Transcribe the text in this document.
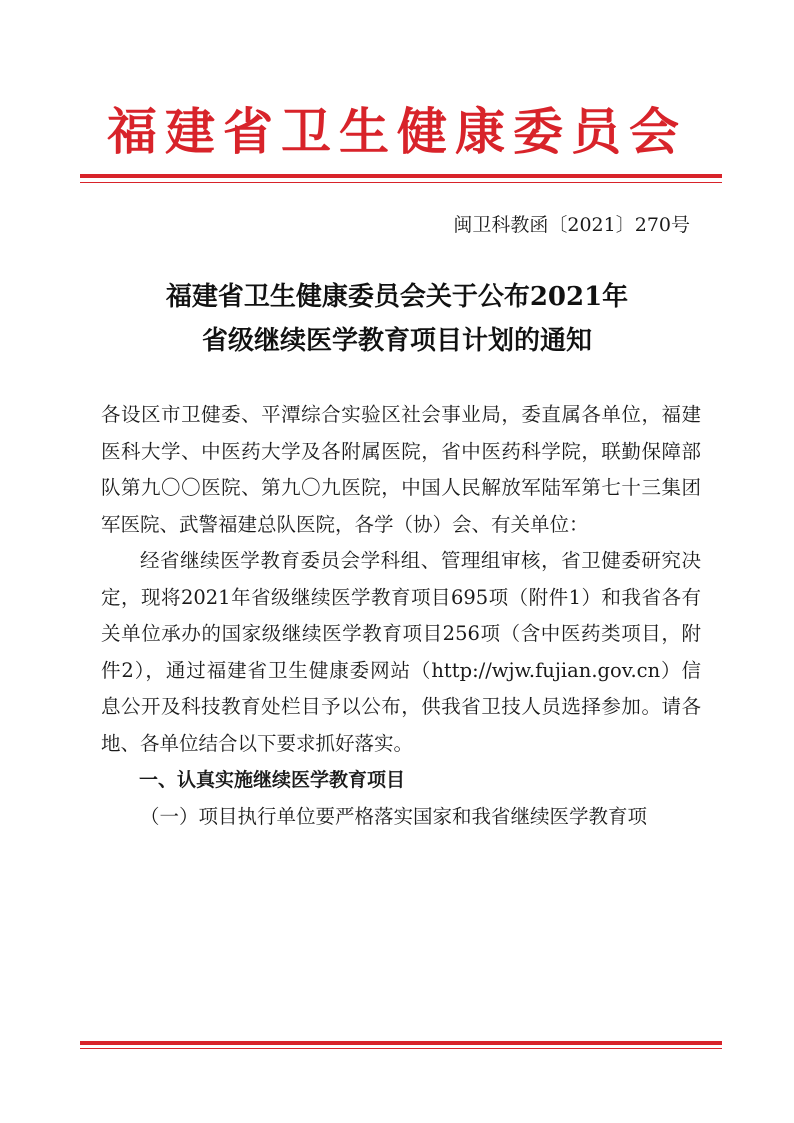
福建省卫生健康委员会
闽卫科教函〔2021〕270号
福建省卫生健康委员会关于公布2021年
省级继续医学教育项目计划的通知

各设区市卫健委、平潭综合实验区社会事业局，委直属各单位，福建医科大学、中医药大学及各附属医院，省中医药科学院，联勤保障部队第九〇〇医院、第九〇九医院，中国人民解放军陆军第七十三集团军医院、武警福建总队医院，各学（协）会、有关单位：

经省继续医学教育委员会学科组、管理组审核，省卫健委研究决定，现将2021年省级继续医学教育项目695项（附件1）和我省各有关单位承办的国家级继续医学教育项目256项（含中医药类项目，附件2），通过福建省卫生健康委网站（http://wjw.fujian.gov.cn）信息公开及科技教育处栏目予以公布，供我省卫技人员选择参加。请各地、各单位结合以下要求抓好落实。

一、认真实施继续医学教育项目

（一）项目执行单位要严格落实国家和我省继续医学教育项
